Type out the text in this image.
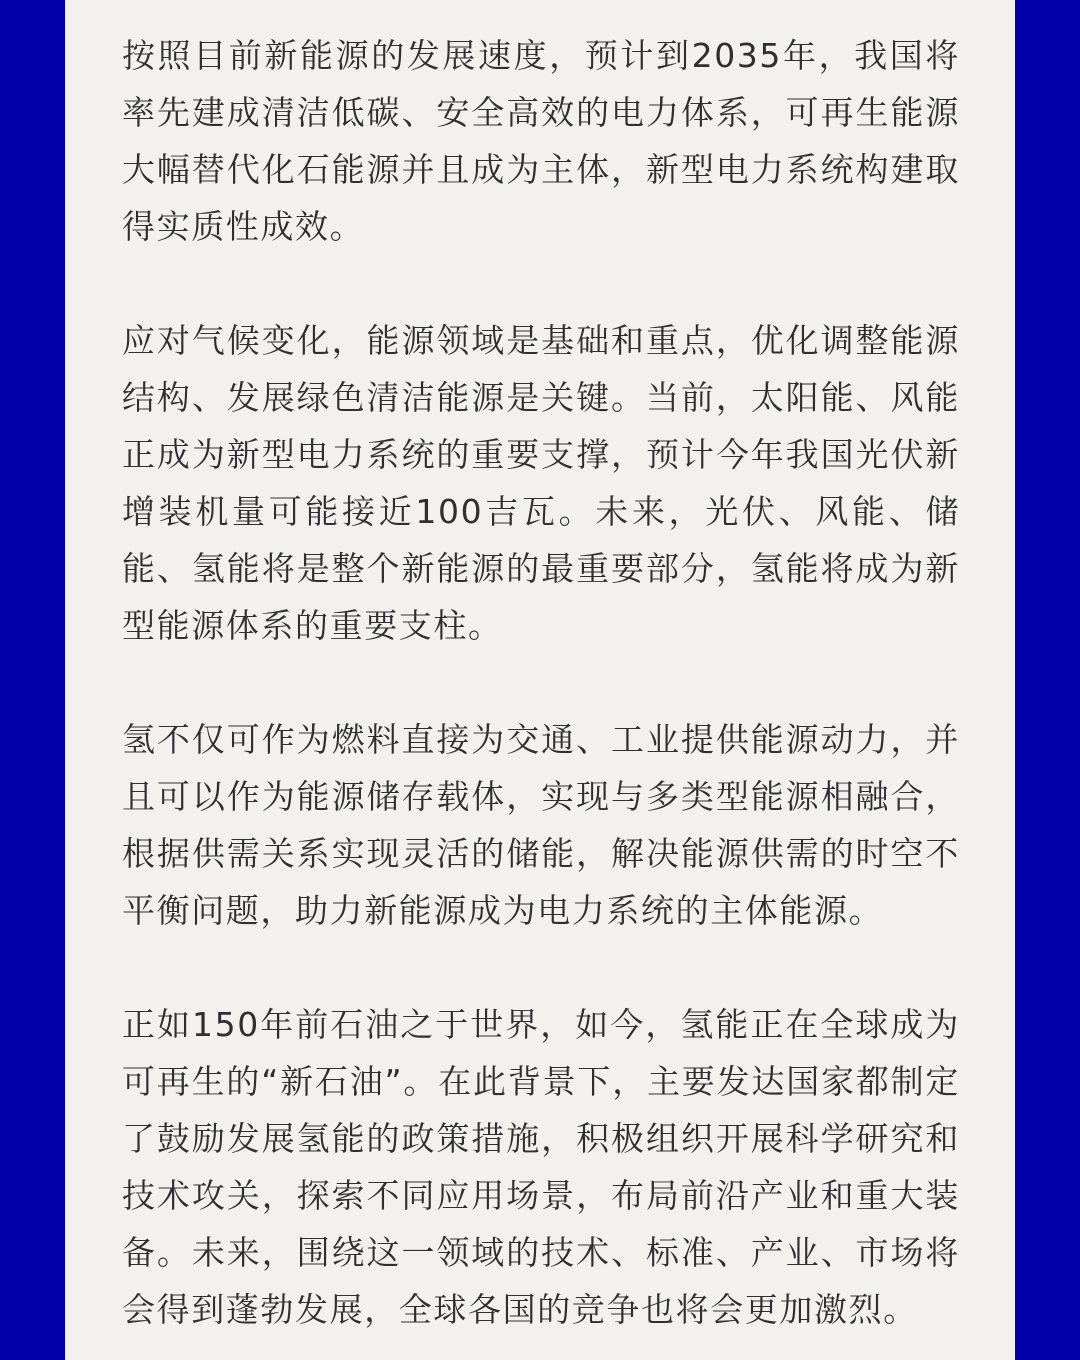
按照目前新能源的发展速度，预计到2035年，我国将率先建成清洁低碳、安全高效的电力体系，可再生能源大幅替代化石能源并且成为主体，新型电力系统构建取得实质性成效。

应对气候变化，能源领域是基础和重点，优化调整能源结构、发展绿色清洁能源是关键。当前，太阳能、风能正成为新型电力系统的重要支撑，预计今年我国光伏新增装机量可能接近100吉瓦。未来，光伏、风能、储能、氢能将是整个新能源的最重要部分，氢能将成为新型能源体系的重要支柱。

氢不仅可作为燃料直接为交通、工业提供能源动力，并且可以作为能源储存载体，实现与多类型能源相融合，根据供需关系实现灵活的储能，解决能源供需的时空不平衡问题，助力新能源成为电力系统的主体能源。

正如150年前石油之于世界，如今，氢能正在全球成为可再生的“新石油”。在此背景下，主要发达国家都制定了鼓励发展氢能的政策措施，积极组织开展科学研究和技术攻关，探索不同应用场景，布局前沿产业和重大装备。未来，围绕这一领域的技术、标准、产业、市场将会得到蓬勃发展，全球各国的竞争也将会更加激烈。
